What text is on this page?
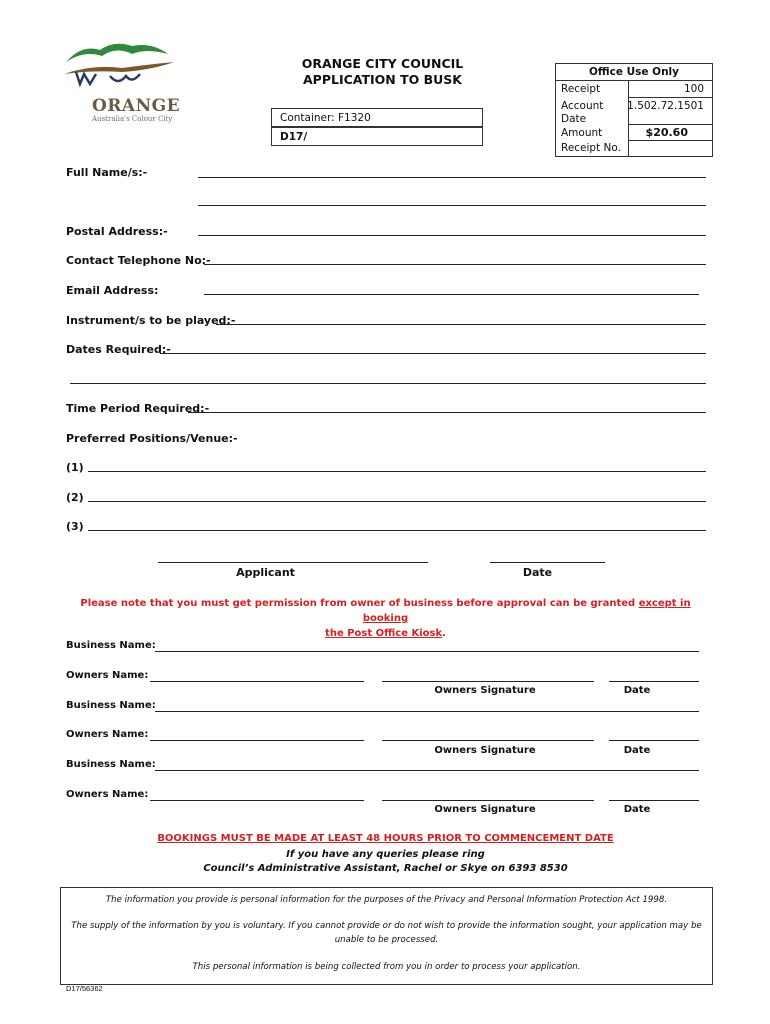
ORANGE
Australia's Colour City
ORANGE CITY COUNCIL
APPLICATION TO BUSK
Container: F1320
D17/
Office Use Only
Receipt	100
Account 1.502.72.1501
Date
Amount	$20.60
Receipt No.
Full Name/s:-
Postal Address:-
Contact Telephone No:-
Email Address:
Instrument/s to be played:-
Dates Required:-
Time Period Required:-
Preferred Positions/Venue:-
(1)
(2)
(3)
Applicant	Date
Please note that you must get permission from owner of business before approval can be granted except in booking
the Post Office Kiosk.
Business Name:
Owners Name:
Owners Signature	Date
Business Name:
Owners Name:
Owners Signature	Date
Business Name:
Owners Name:
Owners Signature	Date
BOOKINGS MUST BE MADE AT LEAST 48 HOURS PRIOR TO COMMENCEMENT DATE
If you have any queries please ring
Council’s Administrative Assistant, Rachel or Skye on 6393 8530

The information you provide is personal information for the purposes of the Privacy and Personal Information Protection Act 1998.

The supply of the information by you is voluntary. If you cannot provide or do not wish to provide the information sought, your application may be

unable to be processed.

This personal information is being collected from you in order to process your application.

D17/56362
